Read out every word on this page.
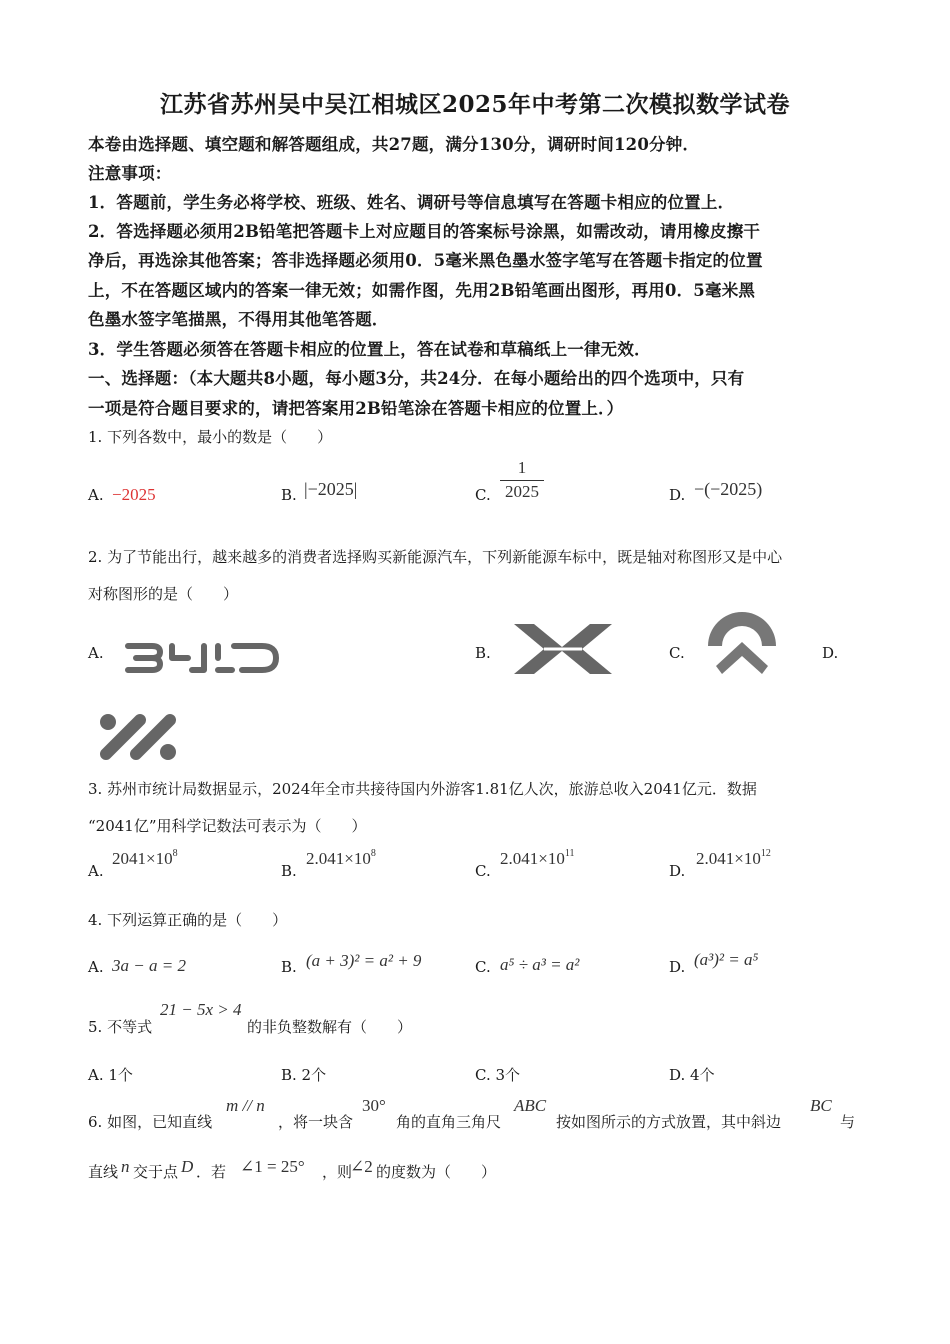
江苏省苏州吴中吴江相城区2025年中考第二次模拟数学试卷
本卷由选择题、填空题和解答题组成，共27题，满分130分，调研时间120分钟．
注意事项：
1．答题前，学生务必将学校、班级、姓名、调研号等信息填写在答题卡相应的位置上．
2．答选择题必须用2B铅笔把答题卡上对应题目的答案标号涂黑，如需改动，请用橡皮擦干
净后，再选涂其他答案；答非选择题必须用0．5毫米黑色墨水签字笔写在答题卡指定的位置
上，不在答题区域内的答案一律无效；如需作图，先用2B铅笔画出图形，再用0．5毫米黑
色墨水签字笔描黑，不得用其他笔答题．
3．学生答题必须答在答题卡相应的位置上，答在试卷和草稿纸上一律无效．
一、选择题：（本大题共8小题，每小题3分，共24分．在每小题给出的四个选项中，只有
一项是符合题目要求的，请把答案用2B铅笔涂在答题卡相应的位置上．）
1. 下列各数中，最小的数是（　　）
A. −2025	B. |−2025|	C.
1
2025	D. −(−2025)
2. 为了节能出行，越来越多的消费者选择购买新能源汽车，下列新能源车标中，既是轴对称图形又是中心
对称图形的是（　　）
A.	B.	C.	D.
3. 苏州市统计局数据显示，2024年全市共接待国内外游客1.81亿人次，旅游总收入2041亿元．数据
“2041亿”用科学记数法可表示为（　　）
A.
$2041\times 10^8$
B.
$2.041\times 10^8$
C.
$2.041\times 10^{11}$
D.
$2.041\times 10^{12}$
4. 下列运算正确的是（　　）
A. 3a − a = 2	B. (a + 3)² = a² + 9	C. a⁵ ÷ a³ = a²	D. (a³)² = a⁵
5. 不等式
21 − 5x > 4
的非负整数解有（　　）
A. 1个	B. 2个	C. 3个	D. 4个
6. 如图，已知直线
m // n
，将一块含
30°
角的直角三角尺
ABC
按如图所示的方式放置，其中斜边
BC
与
直线 n 交于点 D ．若 ∠1 = 25° ，则
∠2 的度数为（　　）
